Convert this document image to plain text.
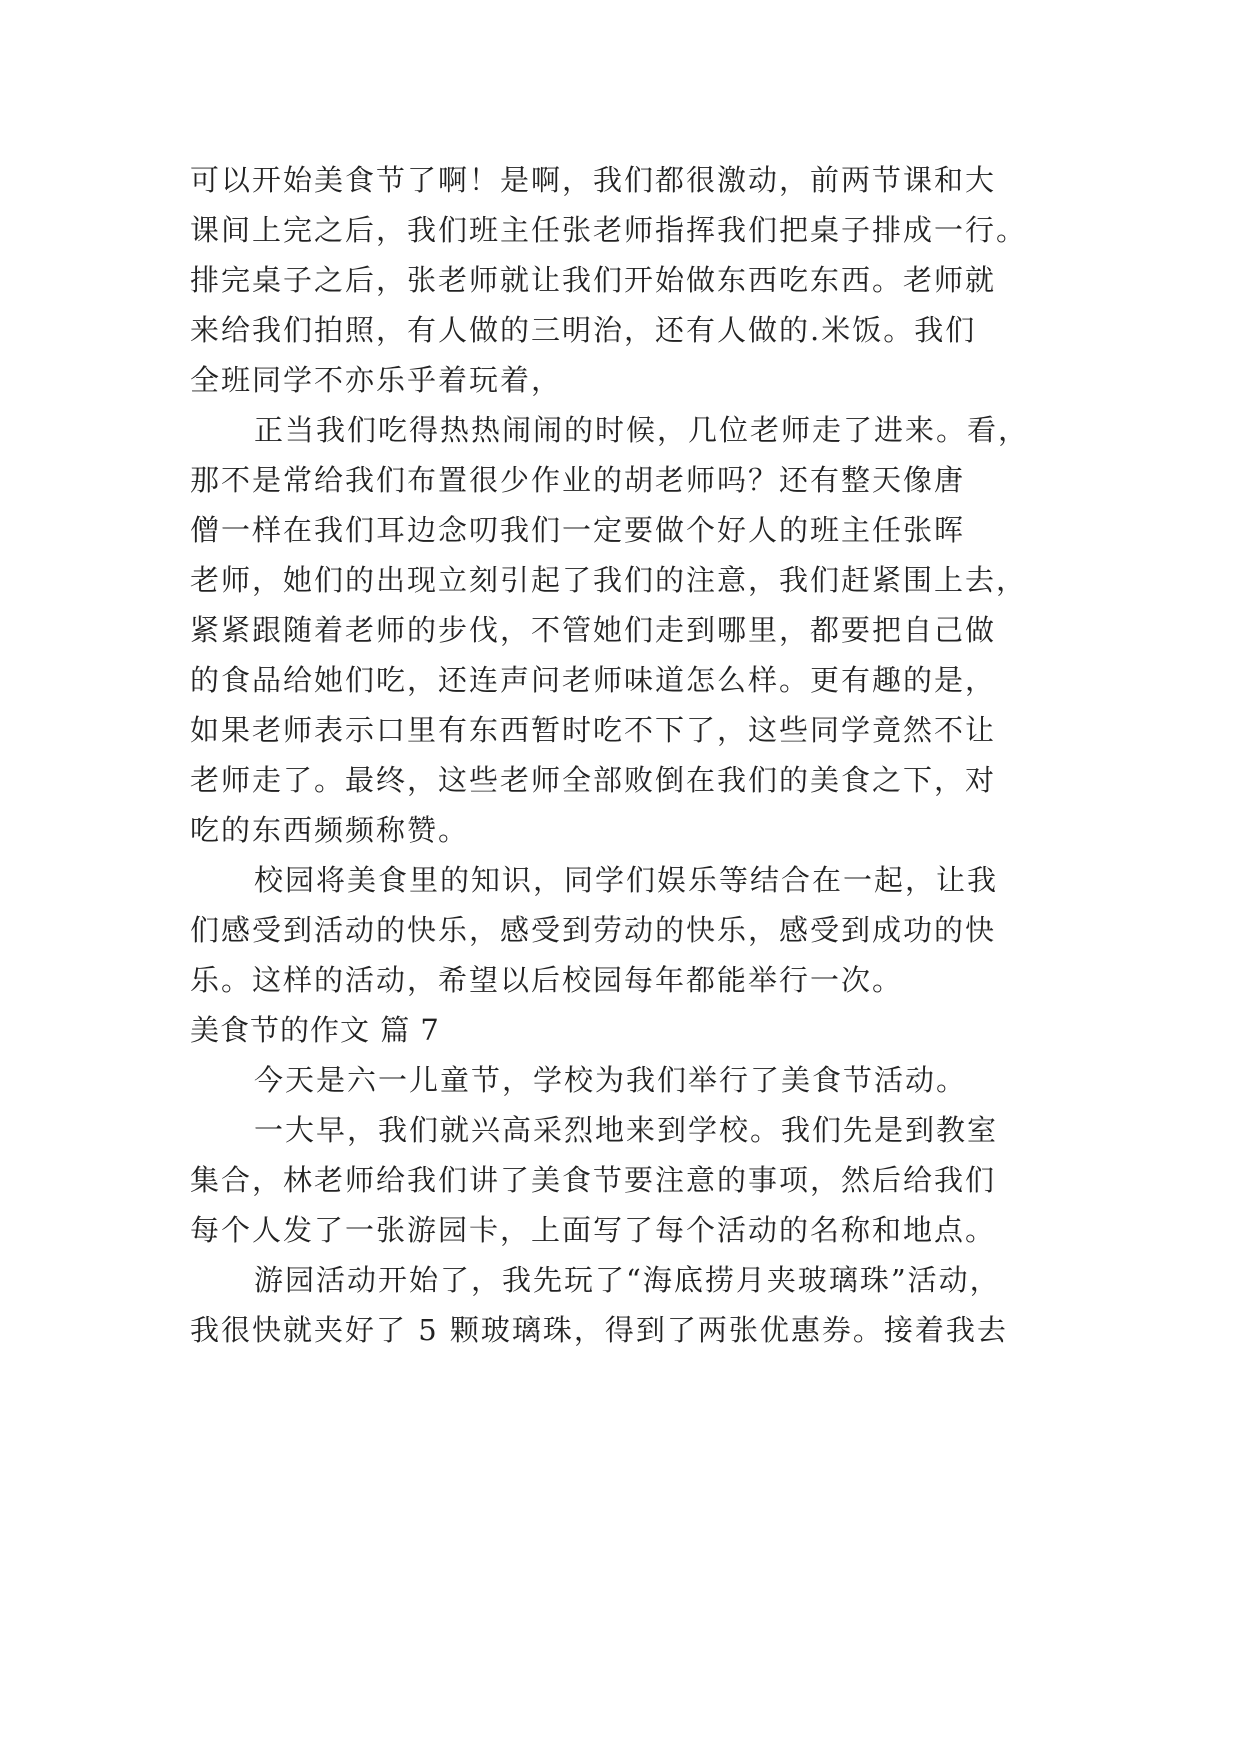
可以开始美食节了啊！是啊，我们都很激动，前两节课和大
课间上完之后，我们班主任张老师指挥我们把桌子排成一行。
排完桌子之后，张老师就让我们开始做东西吃东西。老师就
来给我们拍照，有人做的三明治，还有人做的.米饭。我们
全班同学不亦乐乎着玩着，
正当我们吃得热热闹闹的时候，几位老师走了进来。看，
那不是常给我们布置很少作业的胡老师吗？还有整天像唐
僧一样在我们耳边念叨我们一定要做个好人的班主任张晖
老师，她们的出现立刻引起了我们的注意，我们赶紧围上去，
紧紧跟随着老师的步伐，不管她们走到哪里，都要把自己做
的食品给她们吃，还连声问老师味道怎么样。更有趣的是，
如果老师表示口里有东西暂时吃不下了，这些同学竟然不让
老师走了。最终，这些老师全部败倒在我们的美食之下，对
吃的东西频频称赞。
校园将美食里的知识，同学们娱乐等结合在一起，让我
们感受到活动的快乐，感受到劳动的快乐，感受到成功的快
乐。这样的活动，希望以后校园每年都能举行一次。
美食节的作文 篇 7
今天是六一儿童节，学校为我们举行了美食节活动。
一大早，我们就兴高采烈地来到学校。我们先是到教室
集合，林老师给我们讲了美食节要注意的事项，然后给我们
每个人发了一张游园卡，上面写了每个活动的名称和地点。
游园活动开始了，我先玩了“海底捞月夹玻璃珠”活动，
我很快就夹好了 5 颗玻璃珠，得到了两张优惠券。接着我去
